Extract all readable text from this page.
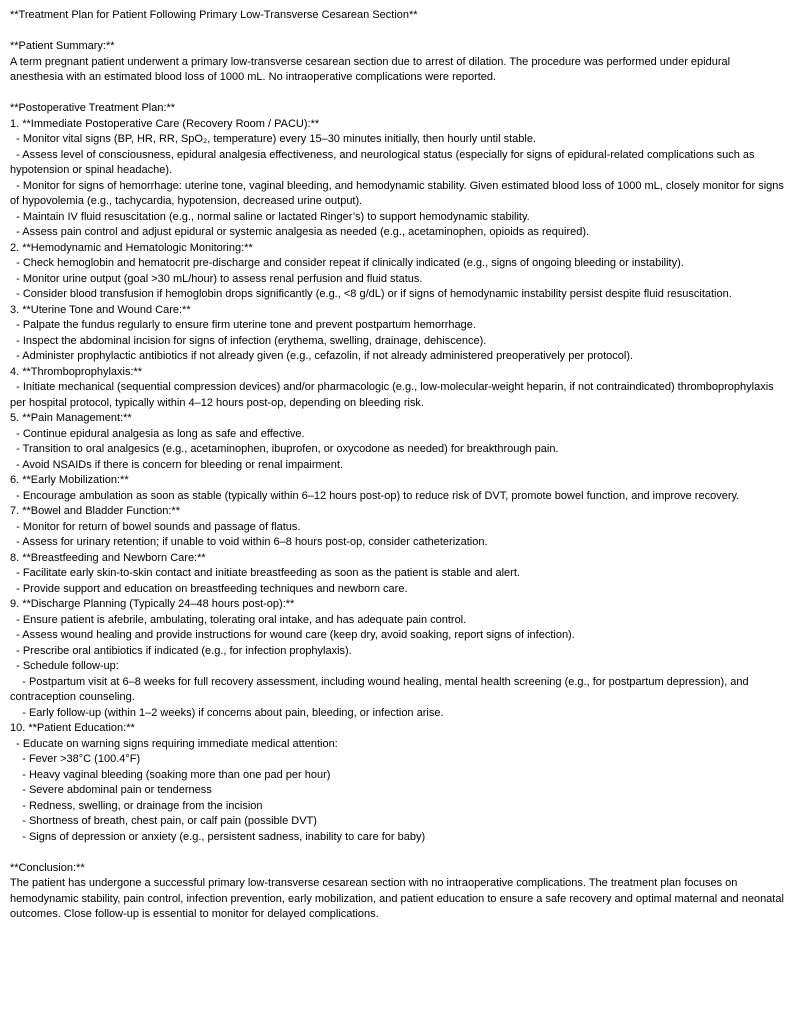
**Treatment Plan for Patient Following Primary Low-Transverse Cesarean Section**

**Patient Summary:**

A term pregnant patient underwent a primary low-transverse cesarean section due to arrest of dilation. The procedure was performed under epidural anesthesia with an estimated blood loss of 1000 mL. No intraoperative complications were reported.

**Postoperative Treatment Plan:**

1. **Immediate Postoperative Care (Recovery Room / PACU):**

- Monitor vital signs (BP, HR, RR, SpO₂, temperature) every 15–30 minutes initially, then hourly until stable.

- Assess level of consciousness, epidural analgesia effectiveness, and neurological status (especially for signs of epidural-related complications such as hypotension or spinal headache).

- Monitor for signs of hemorrhage: uterine tone, vaginal bleeding, and hemodynamic stability. Given estimated blood loss of 1000 mL, closely monitor for signs of hypovolemia (e.g., tachycardia, hypotension, decreased urine output).

- Maintain IV fluid resuscitation (e.g., normal saline or lactated Ringer’s) to support hemodynamic stability.

- Assess pain control and adjust epidural or systemic analgesia as needed (e.g., acetaminophen, opioids as required).

2. **Hemodynamic and Hematologic Monitoring:**

- Check hemoglobin and hematocrit pre-discharge and consider repeat if clinically indicated (e.g., signs of ongoing bleeding or instability).

- Monitor urine output (goal >30 mL/hour) to assess renal perfusion and fluid status.

- Consider blood transfusion if hemoglobin drops significantly (e.g., <8 g/dL) or if signs of hemodynamic instability persist despite fluid resuscitation.

3. **Uterine Tone and Wound Care:**

- Palpate the fundus regularly to ensure firm uterine tone and prevent postpartum hemorrhage.

- Inspect the abdominal incision for signs of infection (erythema, swelling, drainage, dehiscence).

- Administer prophylactic antibiotics if not already given (e.g., cefazolin, if not already administered preoperatively per protocol).

4. **Thromboprophylaxis:**

- Initiate mechanical (sequential compression devices) and/or pharmacologic (e.g., low-molecular-weight heparin, if not contraindicated) thromboprophylaxis per hospital protocol, typically within 4–12 hours post-op, depending on bleeding risk.

5. **Pain Management:**

- Continue epidural analgesia as long as safe and effective.

- Transition to oral analgesics (e.g., acetaminophen, ibuprofen, or oxycodone as needed) for breakthrough pain.

- Avoid NSAIDs if there is concern for bleeding or renal impairment.

6. **Early Mobilization:**

- Encourage ambulation as soon as stable (typically within 6–12 hours post-op) to reduce risk of DVT, promote bowel function, and improve recovery.

7. **Bowel and Bladder Function:**

- Monitor for return of bowel sounds and passage of flatus.

- Assess for urinary retention; if unable to void within 6–8 hours post-op, consider catheterization.

8. **Breastfeeding and Newborn Care:**

- Facilitate early skin-to-skin contact and initiate breastfeeding as soon as the patient is stable and alert.

- Provide support and education on breastfeeding techniques and newborn care.

9. **Discharge Planning (Typically 24–48 hours post-op):**

- Ensure patient is afebrile, ambulating, tolerating oral intake, and has adequate pain control.

- Assess wound healing and provide instructions for wound care (keep dry, avoid soaking, report signs of infection).

- Prescribe oral antibiotics if indicated (e.g., for infection prophylaxis).

- Schedule follow-up:

- Postpartum visit at 6–8 weeks for full recovery assessment, including wound healing, mental health screening (e.g., for postpartum depression), and contraception counseling.

- Early follow-up (within 1–2 weeks) if concerns about pain, bleeding, or infection arise.

10. **Patient Education:**

- Educate on warning signs requiring immediate medical attention:

- Fever >38°C (100.4°F)

- Heavy vaginal bleeding (soaking more than one pad per hour)

- Severe abdominal pain or tenderness

- Redness, swelling, or drainage from the incision

- Shortness of breath, chest pain, or calf pain (possible DVT)

- Signs of depression or anxiety (e.g., persistent sadness, inability to care for baby)

**Conclusion:**

The patient has undergone a successful primary low-transverse cesarean section with no intraoperative complications. The treatment plan focuses on hemodynamic stability, pain control, infection prevention, early mobilization, and patient education to ensure a safe recovery and optimal maternal and neonatal outcomes. Close follow-up is essential to monitor for delayed complications.
